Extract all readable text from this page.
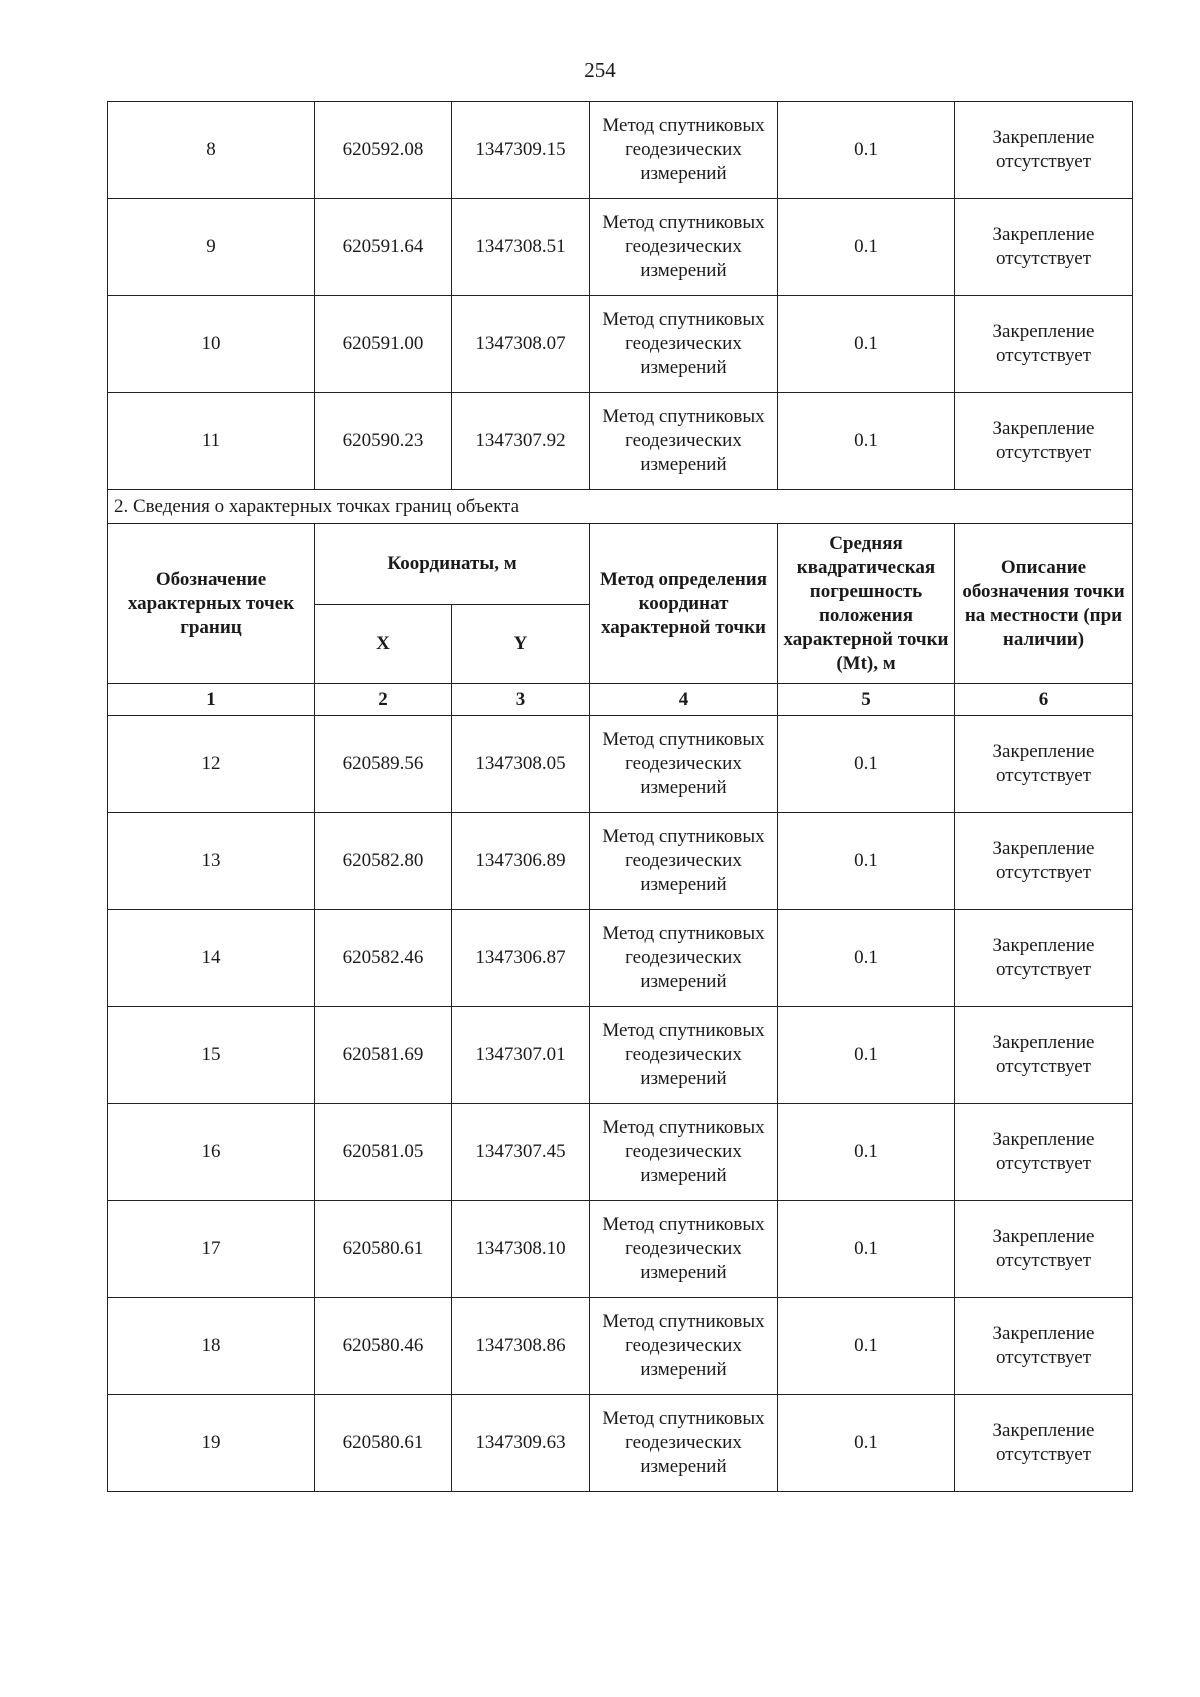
254
8	620592.08	1347309.15	Метод спутниковых геодезических измерений	0.1	Закрепление отсутствует
9	620591.64	1347308.51	Метод спутниковых геодезических измерений	0.1	Закрепление отсутствует
10	620591.00	1347308.07	Метод спутниковых геодезических измерений	0.1	Закрепление отсутствует
11	620590.23	1347307.92	Метод спутниковых геодезических измерений	0.1	Закрепление отсутствует
2. Сведения о характерных точках границ объекта					
Обозначение характерных точек границ	Координаты, м		Метод определения координат характерной точки	Средняя квадратическая погрешность положения характерной точки (Mt), м	Описание обозначения точки на местности (при наличии)
	X	Y			
1	2	3	4	5	6
12	620589.56	1347308.05	Метод спутниковых геодезических измерений	0.1	Закрепление отсутствует
13	620582.80	1347306.89	Метод спутниковых геодезических измерений	0.1	Закрепление отсутствует
14	620582.46	1347306.87	Метод спутниковых геодезических измерений	0.1	Закрепление отсутствует
15	620581.69	1347307.01	Метод спутниковых геодезических измерений	0.1	Закрепление отсутствует
16	620581.05	1347307.45	Метод спутниковых геодезических измерений	0.1	Закрепление отсутствует
17	620580.61	1347308.10	Метод спутниковых геодезических измерений	0.1	Закрепление отсутствует
18	620580.46	1347308.86	Метод спутниковых геодезических измерений	0.1	Закрепление отсутствует
19	620580.61	1347309.63	Метод спутниковых геодезических измерений	0.1	Закрепление отсутствует
